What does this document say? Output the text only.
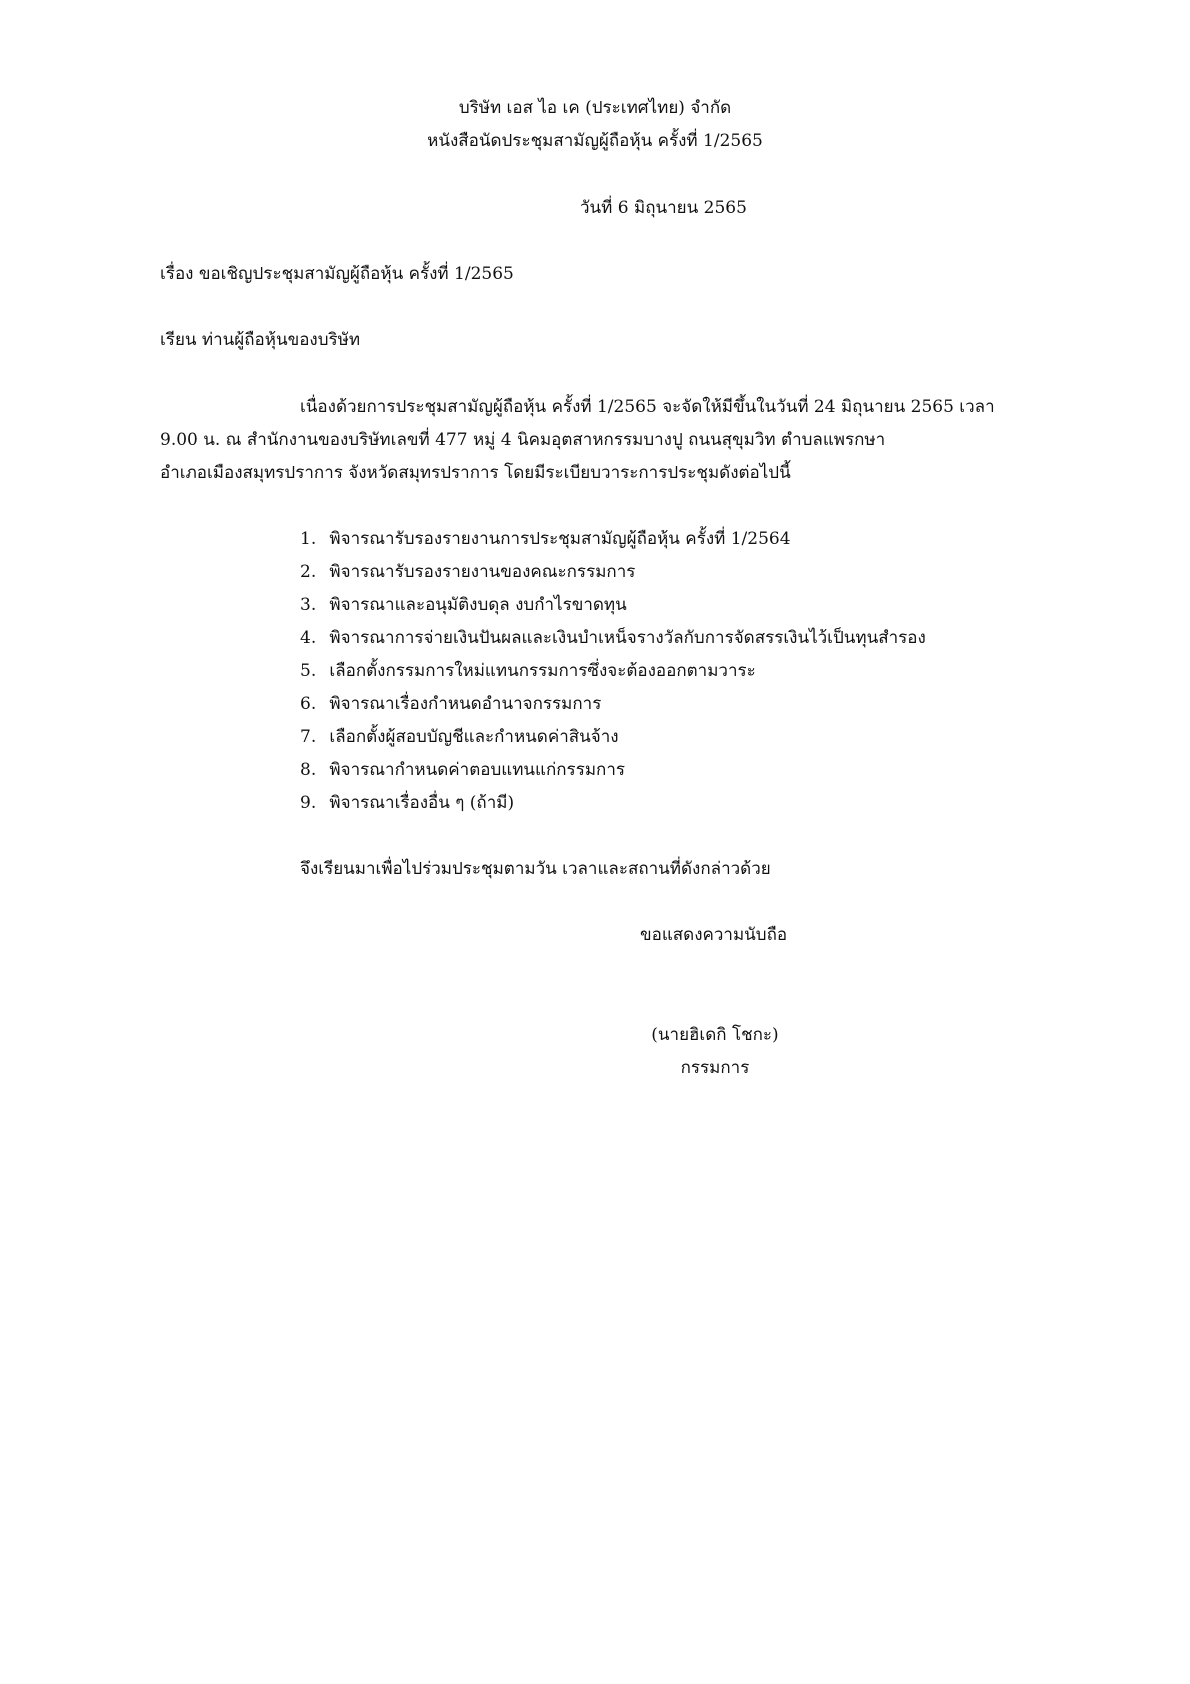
บริษัท เอส ไอ เค (ประเทศไทย) จำกัด
หนังสือนัดประชุมสามัญผู้ถือหุ้น ครั้งที่ 1/2565
วันที่ 6 มิถุนายน 2565
เรื่อง ขอเชิญประชุมสามัญผู้ถือหุ้น ครั้งที่ 1/2565
เรียน ท่านผู้ถือหุ้นของบริษัท
เนื่องด้วยการประชุมสามัญผู้ถือหุ้น ครั้งที่ 1/2565 จะจัดให้มีขึ้นในวันที่ 24 มิถุนายน 2565 เวลา
9.00 น. ณ สำนักงานของบริษัทเลขที่ 477 หมู่ 4 นิคมอุตสาหกรรมบางปู ถนนสุขุมวิท ตำบลแพรกษา
อำเภอเมืองสมุทรปราการ จังหวัดสมุทรปราการ โดยมีระเบียบวาระการประชุมดังต่อไปนี้
1. พิจารณารับรองรายงานการประชุมสามัญผู้ถือหุ้น ครั้งที่ 1/2564
2. พิจารณารับรองรายงานของคณะกรรมการ
3. พิจารณาและอนุมัติงบดุล งบกำไรขาดทุน
4. พิจารณาการจ่ายเงินปันผลและเงินบำเหน็จรางวัลกับการจัดสรรเงินไว้เป็นทุนสำรอง
5. เลือกตั้งกรรมการใหม่แทนกรรมการซึ่งจะต้องออกตามวาระ
6. พิจารณาเรื่องกำหนดอำนาจกรรมการ
7. เลือกตั้งผู้สอบบัญชีและกำหนดค่าสินจ้าง
8. พิจารณากำหนดค่าตอบแทนแก่กรรมการ
9. พิจารณาเรื่องอื่น ๆ (ถ้ามี)
จึงเรียนมาเพื่อไปร่วมประชุมตามวัน เวลาและสถานที่ดังกล่าวด้วย
ขอแสดงความนับถือ
(นายฮิเดกิ โชกะ)
กรรมการ
